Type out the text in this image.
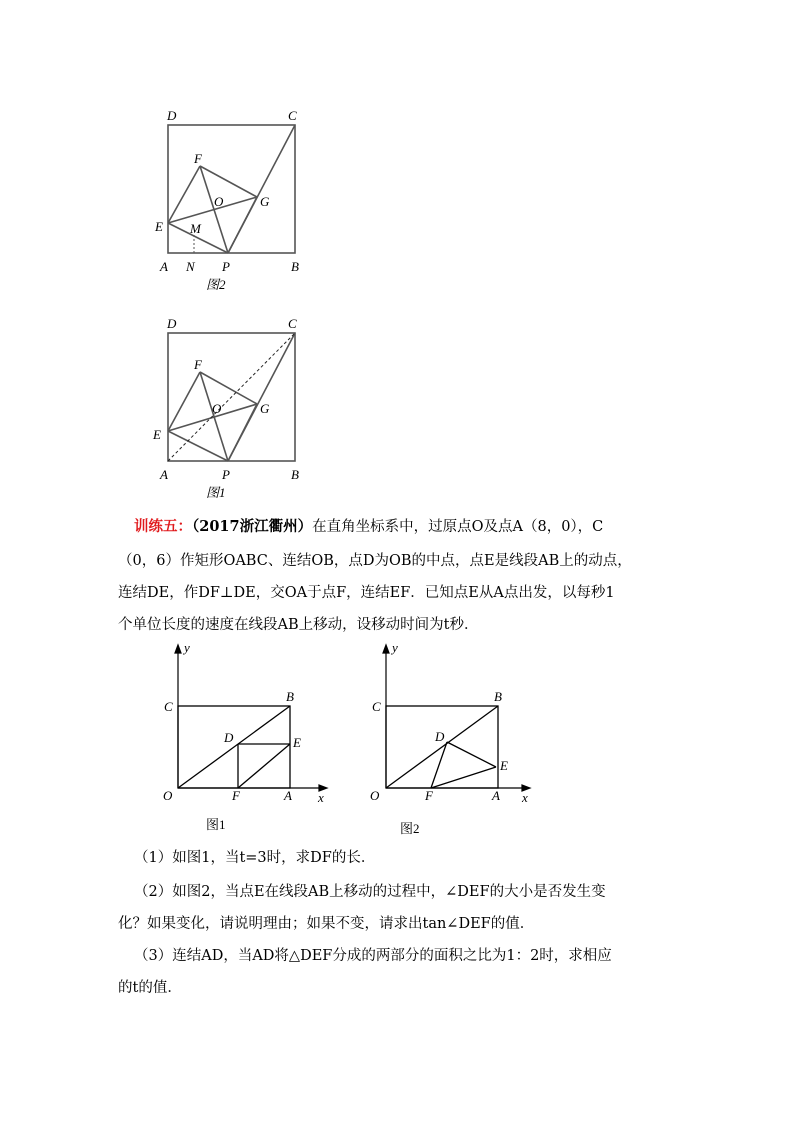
D	C
F
O	G
E M
A N P	B
图2
D	C
F
O	G
E
A	P	B
图1
训练五：（2017浙江衢州）在直角坐标系中，过原点O及点A（8，0），C
（0，6）作矩形OABC、连结OB，点D为OB的中点，点E是线段AB上的动点，
连结DE，作DF⊥DE，交OA于点F，连结EF．已知点E从A点出发，以每秒1
个单位长度的速度在线段AB上移动，设移动时间为t秒．
y
x
C
B
D	E
O	F	A
图1
y
x
C
B
D
E
O	F	A
图2
（1）如图1，当t=3时，求DF的长．
（2）如图2，当点E在线段AB上移动的过程中，∠DEF的大小是否发生变
化？如果变化，请说明理由；如果不变，请求出tan∠DEF的值．
（3）连结AD，当AD将△DEF分成的两部分的面积之比为1：2时，求相应
的t的值．
